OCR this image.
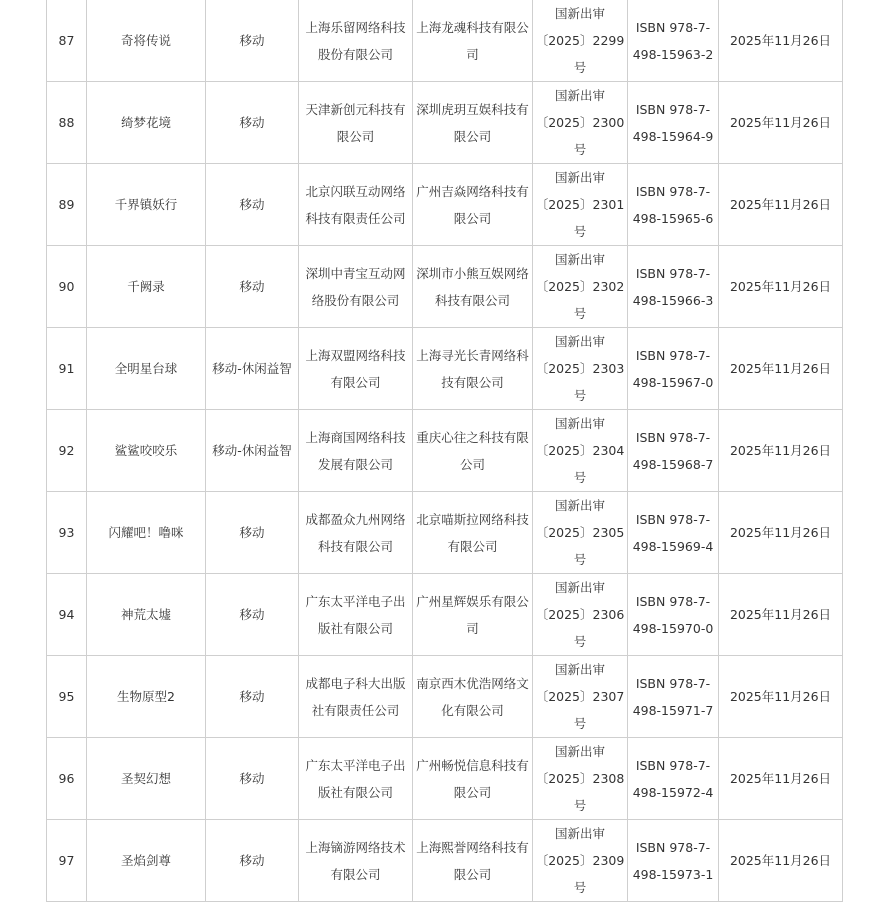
87	奇将传说	移动	上海乐留网络科技
股份有限公司	上海龙魂科技有限公
司	国新出审
〔2025〕2299
号	ISBN 978-7-
498-15963-2	2025年11月26日
88	绮梦花境	移动	天津新创元科技有
限公司	深圳虎玥互娱科技有
限公司	国新出审
〔2025〕2300
号	ISBN 978-7-
498-15964-9	2025年11月26日
89	千界镇妖行	移动	北京闪联互动网络
科技有限责任公司	广州吉焱网络科技有
限公司	国新出审
〔2025〕2301
号	ISBN 978-7-
498-15965-6	2025年11月26日
90	千阙录	移动	深圳中青宝互动网
络股份有限公司	深圳市小熊互娱网络
科技有限公司	国新出审
〔2025〕2302
号	ISBN 978-7-
498-15966-3	2025年11月26日
91	全明星台球	移动-休闲益智	上海双盟网络科技
有限公司	上海寻光长青网络科
技有限公司	国新出审
〔2025〕2303
号	ISBN 978-7-
498-15967-0	2025年11月26日
92	鲨鲨咬咬乐	移动-休闲益智	上海商国网络科技
发展有限公司	重庆心往之科技有限
公司	国新出审
〔2025〕2304
号	ISBN 978-7-
498-15968-7	2025年11月26日
93	闪耀吧！噜咪	移动	成都盈众九州网络
科技有限公司	北京喵斯拉网络科技
有限公司	国新出审
〔2025〕2305
号	ISBN 978-7-
498-15969-4	2025年11月26日
94	神荒太墟	移动	广东太平洋电子出
版社有限公司	广州星辉娱乐有限公
司	国新出审
〔2025〕2306
号	ISBN 978-7-
498-15970-0	2025年11月26日
95	生物原型2	移动	成都电子科大出版
社有限责任公司	南京西木优浩网络文
化有限公司	国新出审
〔2025〕2307
号	ISBN 978-7-
498-15971-7	2025年11月26日
96	圣契幻想	移动	广东太平洋电子出
版社有限公司	广州畅悦信息科技有
限公司	国新出审
〔2025〕2308
号	ISBN 978-7-
498-15972-4	2025年11月26日
97	圣焰剑尊	移动	上海镝游网络技术
有限公司	上海熙誉网络科技有
限公司	国新出审
〔2025〕2309
号	ISBN 978-7-
498-15973-1	2025年11月26日
